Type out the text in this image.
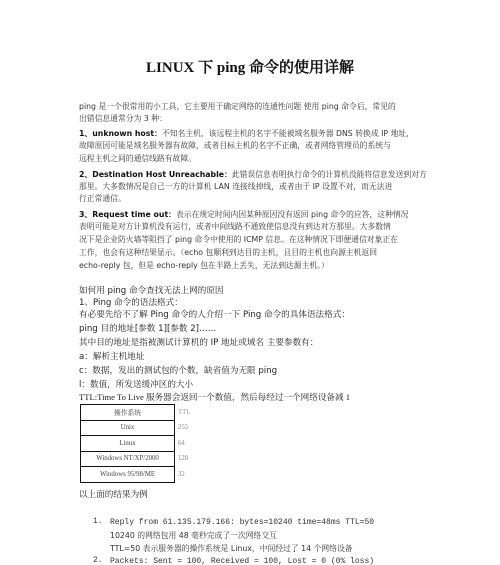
LINUX 下 ping 命令的使用详解
ping 是一个很常用的小工具，它主要用于确定网络的连通性问题 使用 ping 命令后，常见的
出错信息通常分为 3 种：
1、unknown host：不知名主机，该远程主机的名字不能被域名服务器 DNS 转换成 IP 地址，
故障原因可能是域名服务器有故障，或者目标主机的名字不正确，或者网络管理员的系统与
远程主机之间的通信线路有故障。
2、Destination Host Unreachable：此错误信息表明执行命令的计算机没能将信息发送到对方
那里。大多数情况是自己一方的计算机 LAN 连接线掉线，或者由于 IP 设置不对，而无法进
行正常通信。
3、Request time out：表示在规定时间内因某种原因没有返回 ping 命令的应答，这种情况
表明可能是对方计算机没有运行，或者中间线路不通致使信息没有到达对方那里。大多数情
况下是企业防火墙等阻挡了 ping 命令中使用的 ICMP 信息。在这种情况下即便通信对象正在
工作，也会有这种结果显示。（echo 包顺利到达目的主机，且目的主机也向源主机返回
echo-reply 包，但是 echo-reply 包在半路上丢失，无法到达源主机。）
如何用 ping 命令查找无法上网的原因
1、Ping 命令的语法格式：
有必要先给不了解 Ping 命令的人介绍一下 Ping 命令的具体语法格式：
ping 目的地址[参数 1][参数 2]……
其中目的地址是指被测试计算机的 IP 地址或域名 主要参数有：
a：解析主机地址
c：数据，发出的测试包的个数，缺省值为无限 ping
l：数值，所发送缓冲区的大小
TTL:Time To Live 服务器会返回一个数值，然后每经过一个网络设备减 1
操作系统	TTL
Unix	255
Linux	64
Windows NT/XP/2000	128
Windows 95/98/ME	32
以上面的结果为例
1. Reply from 61.135.179.166: bytes=10240 time=48ms TTL=50
10240 的网络包用 48 毫秒完成了一次网络交互
TTL=50 表示服务器的操作系统是 Linux，中间经过了 14 个网络设备
2. Packets: Sent = 100, Received = 100, Lost = 0 (0% loss)
